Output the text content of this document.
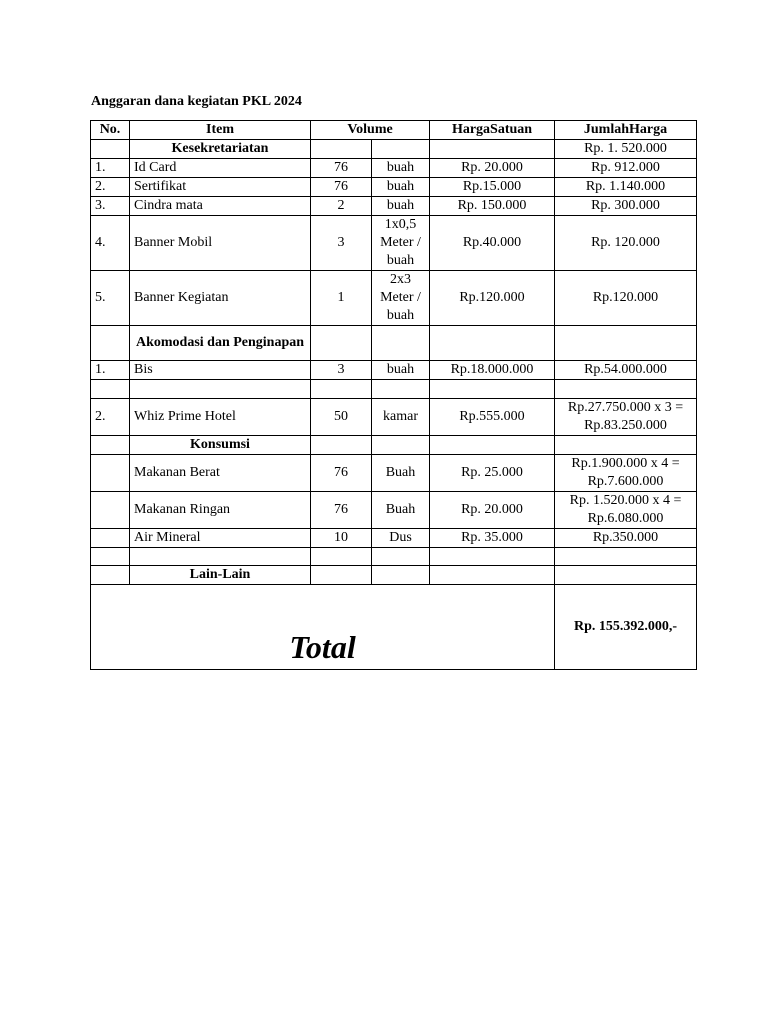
Anggaran dana kegiatan PKL 2024
No.	Item	Volume		HargaSatuan	JumlahHarga
	Kesekretariatan				Rp. 1. 520.000
1.	Id Card	76	buah	Rp. 20.000	Rp. 912.000
2.	Sertifikat	76	buah	Rp.15.000	Rp. 1.140.000
3.	Cindra mata	2	buah	Rp. 150.000	Rp. 300.000
4.	Banner Mobil	3	1x0,5 Meter / buah	Rp.40.000	Rp. 120.000
5.	Banner Kegiatan	1	2x3 Meter / buah	Rp.120.000	Rp.120.000
	Akomodasi dan Penginapan				
1.	Bis	3	buah	Rp.18.000.000	Rp.54.000.000

2.	Whiz Prime Hotel	50	kamar	Rp.555.000	Rp.27.750.000 x 3 = Rp.83.250.000
	Konsumsi				
	Makanan Berat	76	Buah	Rp. 25.000	Rp.1.900.000 x 4 = Rp.7.600.000
	Makanan Ringan	76	Buah	Rp. 20.000	Rp. 1.520.000 x 4 = Rp.6.080.000
	Air Mineral	10	Dus	Rp. 35.000	Rp.350.000

	Lain-Lain				
Total					Rp. 155.392.000,-
